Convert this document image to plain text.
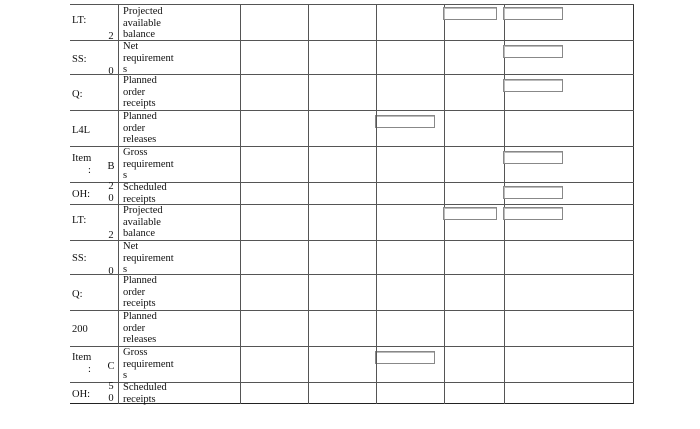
LT:
2
Projected
available
balance
SS:
0
Net
requirement
s
Q:
Planned
order
receipts
L4L
Planned
order
releases
Item
:	B
Gross
requirement
s
OH:
2
0
Scheduled
receipts
LT:
2
Projected
available
balance
SS:
0
Net
requirement
s
Q:
Planned
order
receipts
200
Planned
order
releases
Item
:	C
Gross
requirement
s
OH:
5
0
Scheduled
receipts
